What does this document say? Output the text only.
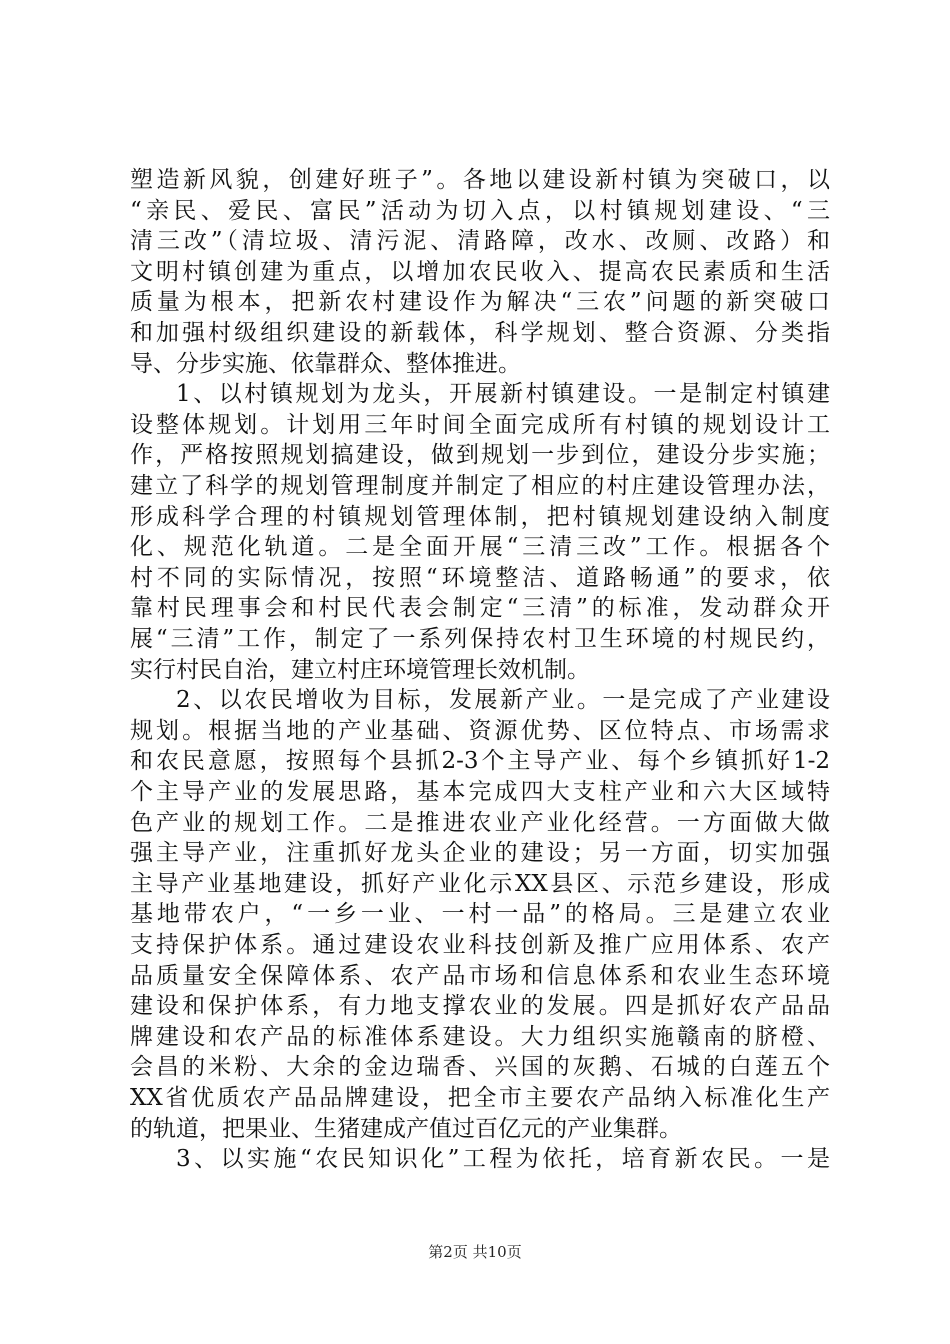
塑造新风貌，创建好班子”。各地以建设新村镇为突破口，以
“亲民、爱民、富民”活动为切入点，以村镇规划建设、“三
清三改”（清垃圾、清污泥、清路障，改水、改厕、改路）和
文明村镇创建为重点，以增加农民收入、提高农民素质和生活
质量为根本，把新农村建设作为解决“三农”问题的新突破口
和加强村级组织建设的新载体，科学规划、整合资源、分类指
导、分步实施、依靠群众、整体推进。
1、以村镇规划为龙头，开展新村镇建设。一是制定村镇建
设整体规划。计划用三年时间全面完成所有村镇的规划设计工
作，严格按照规划搞建设，做到规划一步到位，建设分步实施；
建立了科学的规划管理制度并制定了相应的村庄建设管理办法，
形成科学合理的村镇规划管理体制，把村镇规划建设纳入制度
化、规范化轨道。二是全面开展“三清三改”工作。根据各个
村不同的实际情况，按照“环境整洁、道路畅通”的要求，依
靠村民理事会和村民代表会制定“三清”的标准，发动群众开
展“三清”工作，制定了一系列保持农村卫生环境的村规民约，
实行村民自治，建立村庄环境管理长效机制。
2、以农民增收为目标，发展新产业。一是完成了产业建设
规划。根据当地的产业基础、资源优势、区位特点、市场需求
和农民意愿，按照每个县抓2-3个主导产业、每个乡镇抓好1-2
个主导产业的发展思路，基本完成四大支柱产业和六大区域特
色产业的规划工作。二是推进农业产业化经营。一方面做大做
强主导产业，注重抓好龙头企业的建设；另一方面，切实加强
主导产业基地建设，抓好产业化示XX县区、示范乡建设，形成
基地带农户，“一乡一业、一村一品”的格局。三是建立农业
支持保护体系。通过建设农业科技创新及推广应用体系、农产
品质量安全保障体系、农产品市场和信息体系和农业生态环境
建设和保护体系，有力地支撑农业的发展。四是抓好农产品品
牌建设和农产品的标准体系建设。大力组织实施赣南的脐橙、
会昌的米粉、大余的金边瑞香、兴国的灰鹅、石城的白莲五个
XX省优质农产品品牌建设，把全市主要农产品纳入标准化生产
的轨道，把果业、生猪建成产值过百亿元的产业集群。
3、以实施“农民知识化”工程为依托，培育新农民。一是
第2页 共10页
